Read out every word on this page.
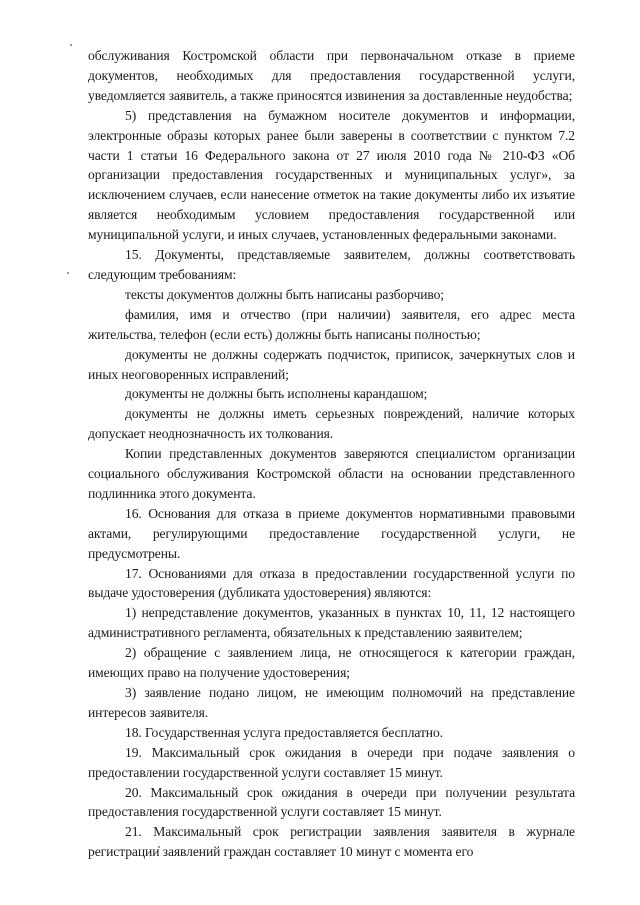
обслуживания Костромской области при первоначальном отказе в приеме документов, необходимых для предоставления государственной услуги, уведомляется заявитель, а также приносятся извинения за доставленные неудобства;

5) представления на бумажном носителе документов и информации, электронные образы которых ранее были заверены в соответствии с пунктом 7.2 части 1 статьи 16 Федерального закона от 27 июля 2010 года № 210-ФЗ «Об организации предоставления государственных и муниципальных услуг», за исключением случаев, если нанесение отметок на такие документы либо их изъятие является необходимым условием предоставления государственной или муниципальной услуги, и иных случаев, установленных федеральными законами.

15. Документы, представляемые заявителем, должны соответствовать следующим требованиям:

тексты документов должны быть написаны разборчиво;

фамилия, имя и отчество (при наличии) заявителя, его адрес места жительства, телефон (если есть) должны быть написаны полностью;

документы не должны содержать подчисток, приписок, зачеркнутых слов и иных неоговоренных исправлений;

документы не должны быть исполнены карандашом;

документы не должны иметь серьезных повреждений, наличие которых допускает неоднозначность их толкования.

Копии представленных документов заверяются специалистом организации социального обслуживания Костромской области на основании представленного подлинника этого документа.

16. Основания для отказа в приеме документов нормативными правовыми актами, регулирующими предоставление государственной услуги, не предусмотрены.

17. Основаниями для отказа в предоставлении государственной услуги по выдаче удостоверения (дубликата удостоверения) являются:

1) непредставление документов, указанных в пунктах 10, 11, 12 настоящего административного регламента, обязательных к представлению заявителем;

2) обращение с заявлением лица, не относящегося к категории граждан, имеющих право на получение удостоверения;

3) заявление подано лицом, не имеющим полномочий на представление интересов заявителя.

18. Государственная услуга предоставляется бесплатно.

19. Максимальный срок ожидания в очереди при подаче заявления о предоставлении государственной услуги составляет 15 минут.

20. Максимальный срок ожидания в очереди при получении результата предоставления государственной услуги составляет 15 минут.

21. Максимальный срок регистрации заявления заявителя в журнале регистрации заявлений граждан составляет 10 минут с момента его
